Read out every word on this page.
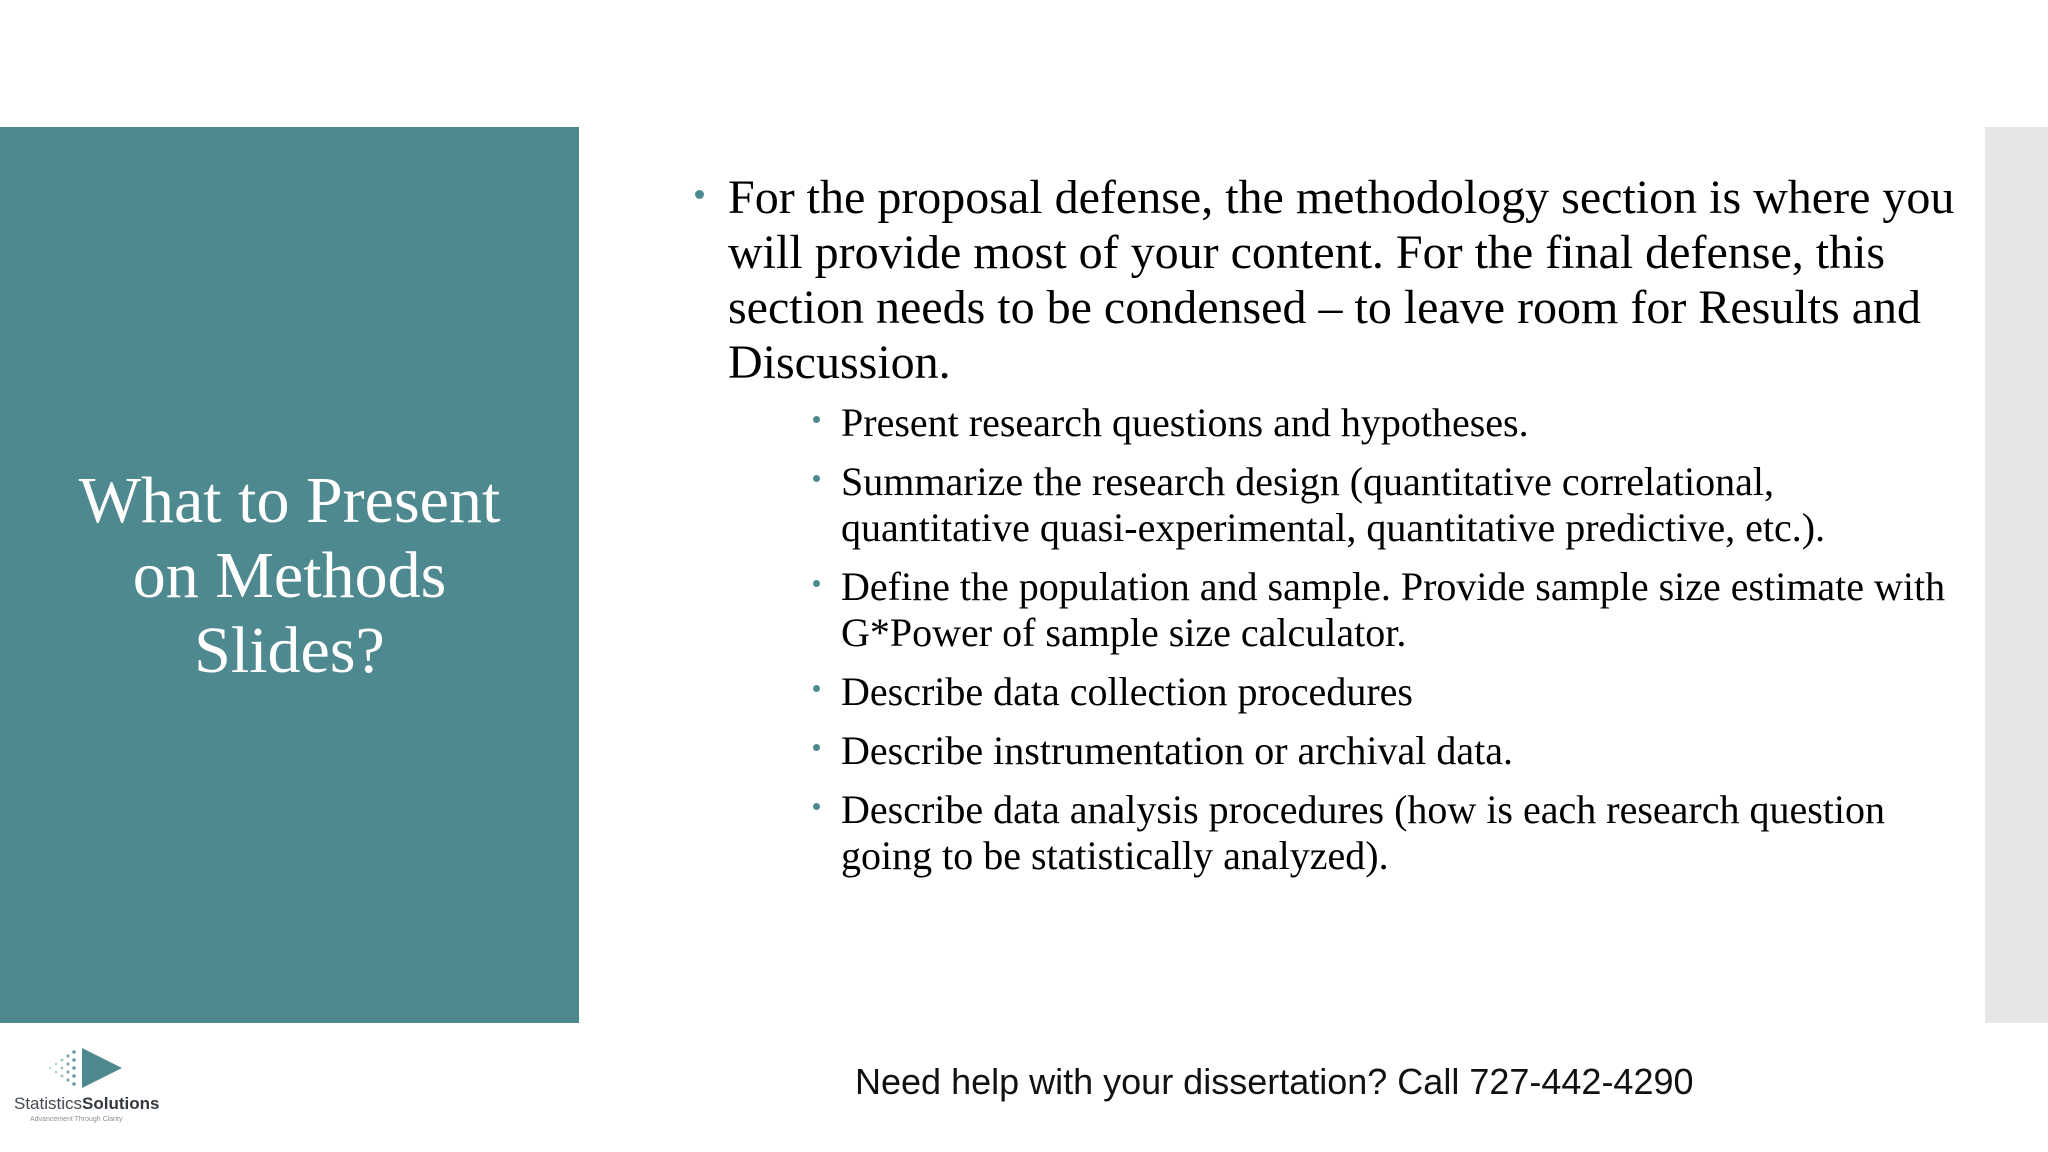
What to Present on Methods Slides?
For the proposal defense, the methodology section is where you will provide most of your content. For the final defense, this section needs to be condensed – to leave room for Results and Discussion.
Present research questions and hypotheses.
Summarize the research design (quantitative correlational, quantitative quasi-experimental, quantitative predictive, etc.).
Define the population and sample. Provide sample size estimate with G*Power of sample size calculator.
Describe data collection procedures
Describe instrumentation or archival data.
Describe data analysis procedures (how is each research question going to be statistically analyzed).
Need help with your dissertation? Call 727-442-4290
StatisticsSolutions
Advancement Through Clarity
